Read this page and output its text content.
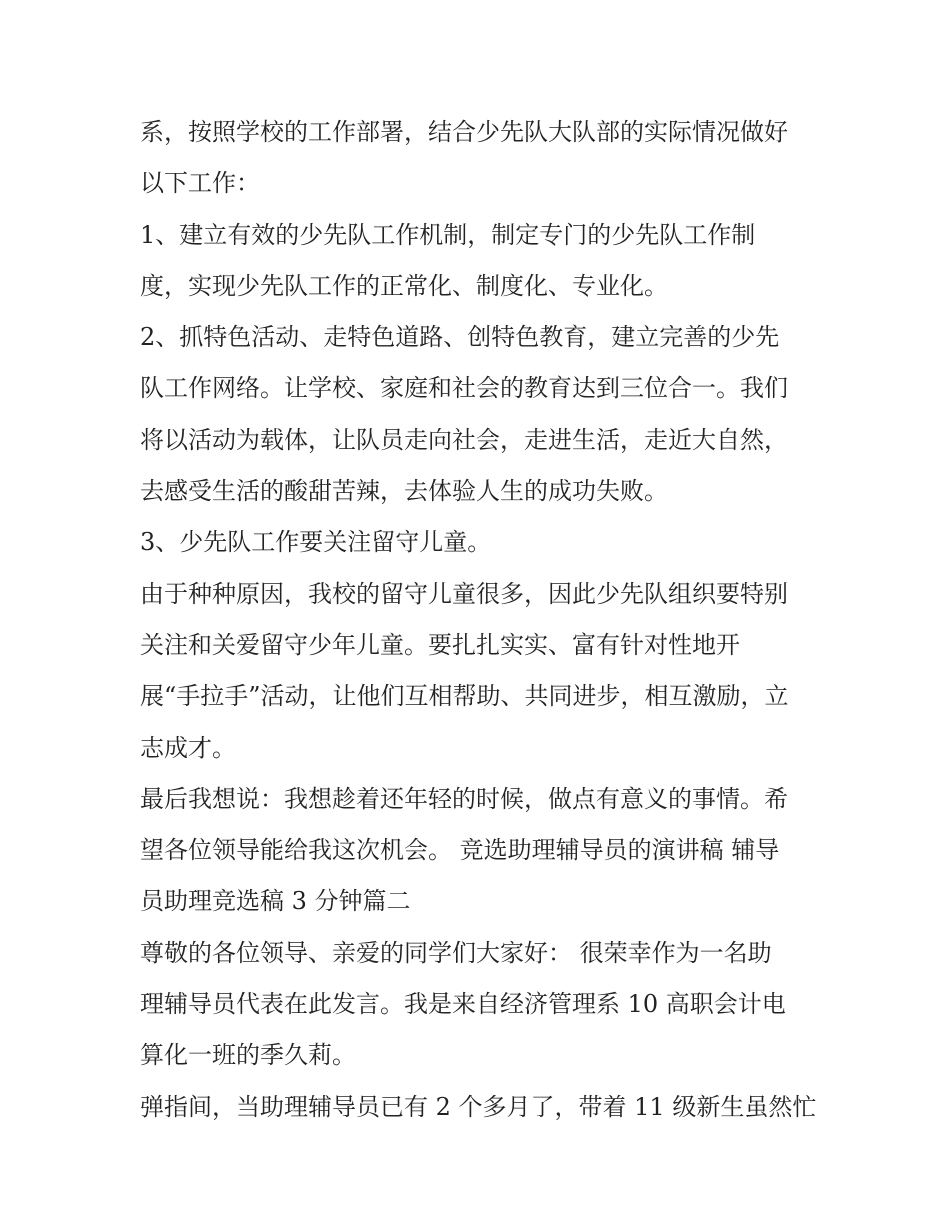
系，按照学校的工作部署，结合少先队大队部的实际情况做好
以下工作：
1、建立有效的少先队工作机制，制定专门的少先队工作制
度，实现少先队工作的正常化、制度化、专业化。
2、抓特色活动、走特色道路、创特色教育，建立完善的少先
队工作网络。让学校、家庭和社会的教育达到三位合一。我们
将以活动为载体，让队员走向社会，走进生活，走近大自然，
去感受生活的酸甜苦辣，去体验人生的成功失败。
3、少先队工作要关注留守儿童。
由于种种原因，我校的留守儿童很多，因此少先队组织要特别
关注和关爱留守少年儿童。要扎扎实实、富有针对性地开
展“手拉手”活动，让他们互相帮助、共同进步，相互激励，立
志成才。
最后我想说：我想趁着还年轻的时候，做点有意义的事情。希
望各位领导能给我这次机会。 竞选助理辅导员的演讲稿 辅导
员助理竞选稿 3 分钟篇二
尊敬的各位领导、亲爱的同学们大家好： 很荣幸作为一名助
理辅导员代表在此发言。我是来自经济管理系 10 高职会计电
算化一班的季久莉。
弹指间，当助理辅导员已有 2 个多月了，带着 11 级新生虽然忙
